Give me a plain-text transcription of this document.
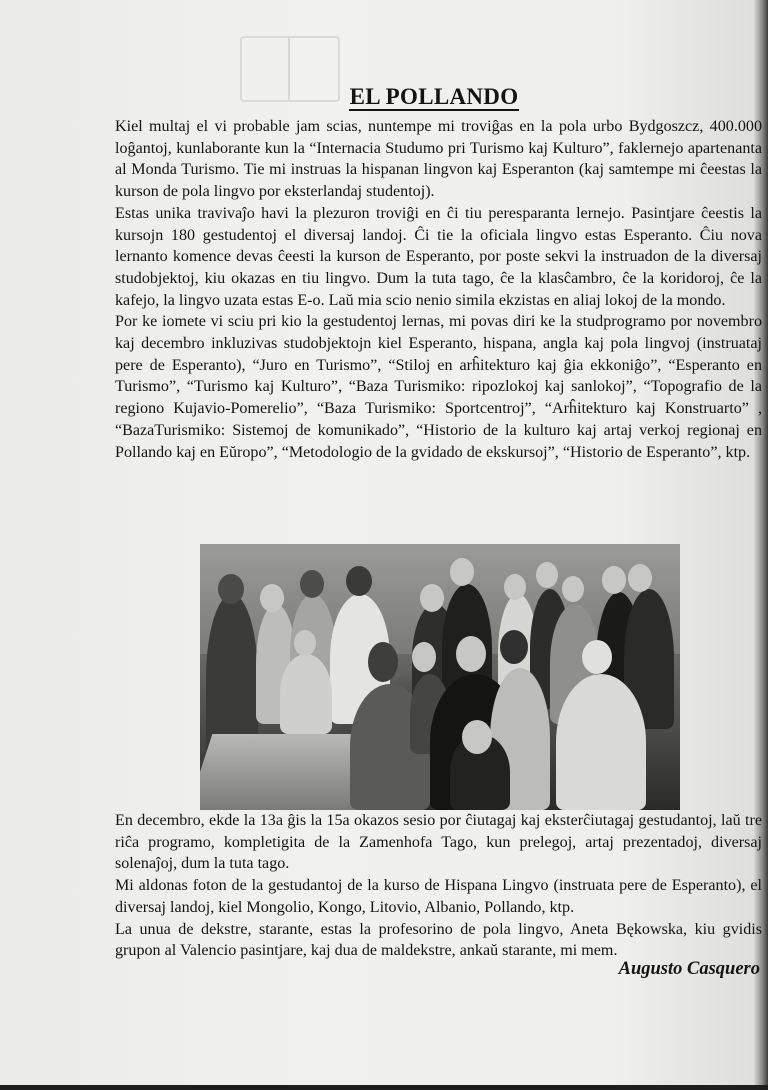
EL POLLANDO

Kiel multaj el vi probable jam scias, nuntempe mi troviĝas en la pola urbo Bydgoszcz, 400.000 loĝantoj, kunlaborante kun la “Internacia Studumo pri Turismo kaj Kulturo”, faklernejo apartenanta al Monda Turismo. Tie mi instruas la hispanan lingvon kaj Esperanton (kaj samtempe mi ĉeestas la kurson de pola lingvo por eksterlandaj studentoj).

Estas unika travivaĵo havi la plezuron troviĝi en ĉi tiu peresparanta lernejo. Pasintjare ĉeestis la kursojn 180 gestudentoj el diversaj landoj. Ĉi tie la oficiala lingvo estas Esperanto. Ĉiu nova lernanto komence devas ĉeesti la kurson de Esperanto, por poste sekvi la instruadon de la diversaj studobjektoj, kiu okazas en tiu lingvo. Dum la tuta tago, ĉe la klasĉambro, ĉe la koridoroj, ĉe la kafejo, la lingvo uzata estas E-o. Laŭ mia scio nenio simila ekzistas en aliaj lokoj de la mondo.

Por ke iomete vi sciu pri kio la gestudentoj lernas, mi povas diri ke la studprogramo por novembro kaj decembro inkluzivas studobjektojn kiel Esperanto, hispana, angla kaj pola lingvoj (instruataj pere de Esperanto), “Juro en Turismo”, “Stiloj en arĥitekturo kaj ĝia ekkoniĝo”, “Esperanto en Turismo”, “Turismo kaj Kulturo”, “Baza Turismiko: ripozlokoj kaj sanlokoj”, “Topografio de la regiono Kujavio-Pomerelio”, “Baza Turismiko: Sportcentroj”, “Arĥitekturo kaj Konstruarto” , “BazaTurismiko: Sistemoj de komunikado”, “Historio de la kulturo kaj artaj verkoj regionaj en Pollando kaj en Eŭropo”, “Metodologio de la gvidado de ekskursoj”, “Historio de Esperanto”, ktp.

En decembro, ekde la 13a ĝis la 15a okazos sesio por ĉiutagaj kaj eksterĉiutagaj gestudantoj, laŭ tre riĉa programo, kompletigita de la Zamenhofa Tago, kun prelegoj, artaj prezentadoj, diversaj solenaĵoj, dum la tuta tago.

Mi aldonas foton de la gestudantoj de la kurso de Hispana Lingvo (instruata pere de Esperanto), el diversaj landoj, kiel Mongolio, Kongo, Litovio, Albanio, Pollando, ktp.

La unua de dekstre, starante, estas la profesorino de pola lingvo, Aneta Bękowska, kiu gvidis grupon al Valencio pasintjare, kaj dua de maldekstre, ankaŭ starante, mi mem.

Augusto Casquero
